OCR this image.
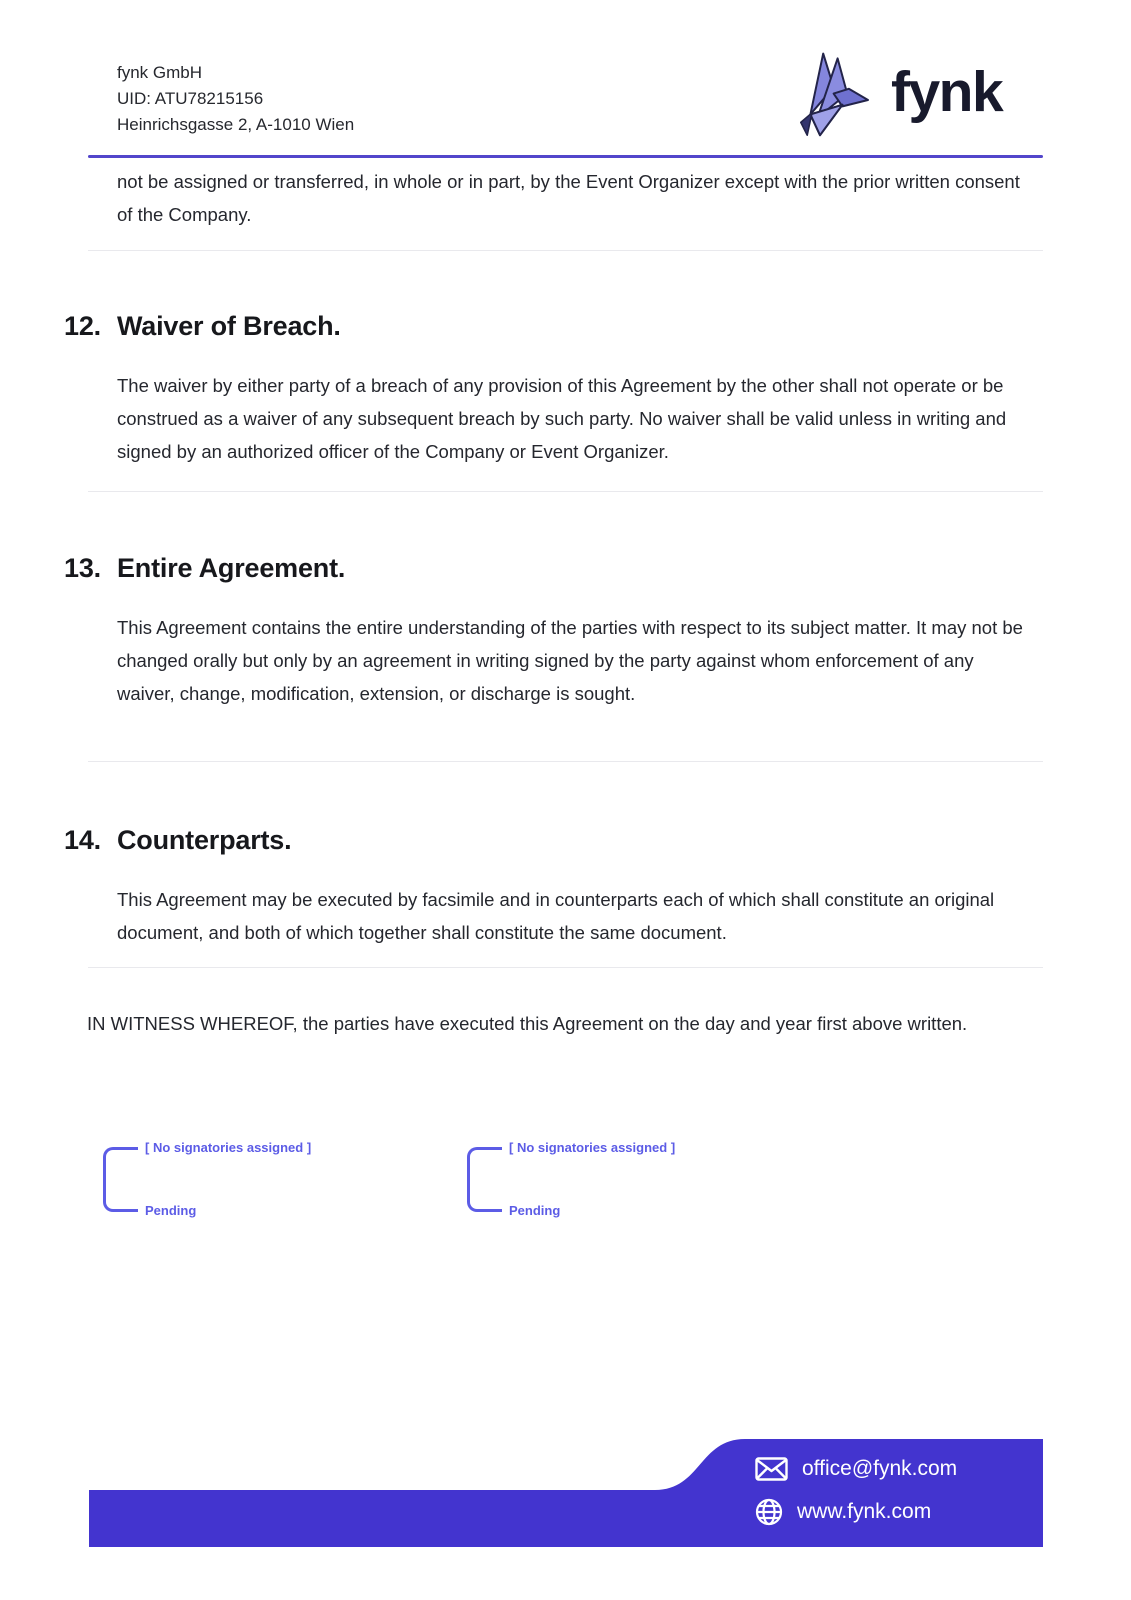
fynk GmbH
UID: ATU78215156
Heinrichsgasse 2, A-1010 Wien
fynk

not be assigned or transferred, in whole or in part, by the Event Organizer except with the prior written consent of the Company.

12. Waiver of Breach.

The waiver by either party of a breach of any provision of this Agreement by the other shall not operate or be construed as a waiver of any subsequent breach by such party. No waiver shall be valid unless in writing and signed by an authorized officer of the Company or Event Organizer.

13. Entire Agreement.

This Agreement contains the entire understanding of the parties with respect to its subject matter. It may not be changed orally but only by an agreement in writing signed by the party against whom enforcement of any waiver, change, modification, extension, or discharge is sought.

14. Counterparts.

This Agreement may be executed by facsimile and in counterparts each of which shall constitute an original document, and both of which together shall constitute the same document.

IN WITNESS WHEREOF, the parties have executed this Agreement on the day and year first above written.

[ No signatories assigned ]
Pending
[ No signatories assigned ]
Pending
office@fynk.com
www.fynk.com
